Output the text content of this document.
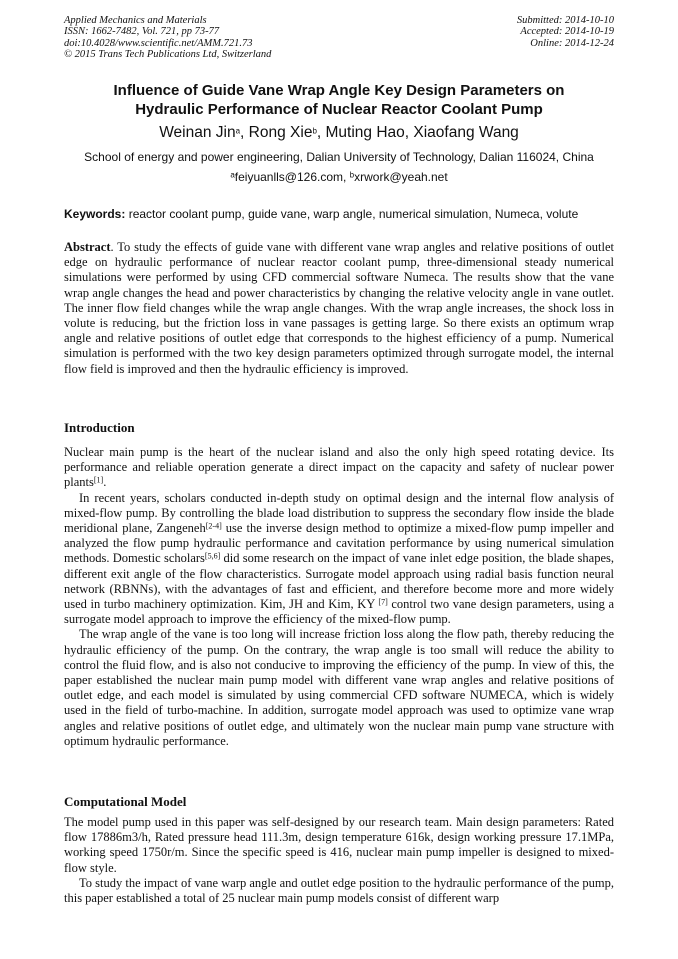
Applied Mechanics and Materials
ISSN: 1662-7482, Vol. 721, pp 73-77
doi:10.4028/www.scientific.net/AMM.721.73
© 2015 Trans Tech Publications Ltd, Switzerland
Submitted: 2014-10-10
Accepted: 2014-10-19
Online: 2014-12-24
Influence of Guide Vane Wrap Angle Key Design Parameters on
Hydraulic Performance of Nuclear Reactor Coolant Pump
Weinan Jin$^a$, Rong Xie$^b$, Muting Hao, Xiaofang Wang
School of energy and power engineering, Dalian University of Technology, Dalian 116024, China
$^a$feiyuanlls@126.com, $^b$xrwork@yeah.net
Keywords: reactor coolant pump, guide vane, warp angle, numerical simulation, Numeca, volute
Abstract. To study the effects of guide vane with different vane wrap angles and relative positions of outlet edge on hydraulic performance of nuclear reactor coolant pump, three-dimensional steady numerical simulations were performed by using CFD commercial software Numeca. The results show that the vane wrap angle changes the head and power characteristics by changing the relative velocity angle in vane outlet. The inner flow field changes while the wrap angle changes. With the wrap angle increases, the shock loss in volute is reducing, but the friction loss in vane passages is getting large. So there exists an optimum wrap angle and relative positions of outlet edge that corresponds to the highest efficiency of a pump. Numerical simulation is performed with the two key design parameters optimized through surrogate model, the internal flow field is improved and then the hydraulic efficiency is improved.
Introduction

Nuclear main pump is the heart of the nuclear island and also the only high speed rotating device. Its performance and reliable operation generate a direct impact on the capacity and safety of nuclear power plants[1].

In recent years, scholars conducted in-depth study on optimal design and the internal flow analysis of mixed-flow pump. By controlling the blade load distribution to suppress the secondary flow inside the blade meridional plane, Zangeneh[2-4] use the inverse design method to optimize a mixed-flow pump impeller and analyzed the flow pump hydraulic performance and cavitation performance by using numerical simulation methods. Domestic scholars[5,6] did some research on the impact of vane inlet edge position, the blade shapes, different exit angle of the flow characteristics. Surrogate model approach using radial basis function neural network (RBNNs), with the advantages of fast and efficient, and therefore become more and more widely used in turbo machinery optimization. Kim, JH and Kim, KY [7] control two vane design parameters, using a surrogate model approach to improve the efficiency of the mixed-flow pump.

The wrap angle of the vane is too long will increase friction loss along the flow path, thereby reducing the hydraulic efficiency of the pump. On the contrary, the wrap angle is too small will reduce the ability to control the fluid flow, and is also not conducive to improving the efficiency of the pump. In view of this, the paper established the nuclear main pump model with different vane wrap angles and relative positions of outlet edge, and each model is simulated by using commercial CFD software NUMECA, which is widely used in the field of turbo-machine. In addition, surrogate model approach was used to optimize vane wrap angles and relative positions of outlet edge, and ultimately won the nuclear main pump vane structure with optimum hydraulic performance.

Computational Model

The model pump used in this paper was self-designed by our research team. Main design parameters: Rated flow 17886m3/h, Rated pressure head 111.3m, design temperature 616k, design working pressure 17.1MPa, working speed 1750r/m. Since the specific speed is 416, nuclear main pump impeller is designed to mixed-flow style.

To study the impact of vane warp angle and outlet edge position to the hydraulic performance of the pump, this paper established a total of 25 nuclear main pump models consist of different warp
